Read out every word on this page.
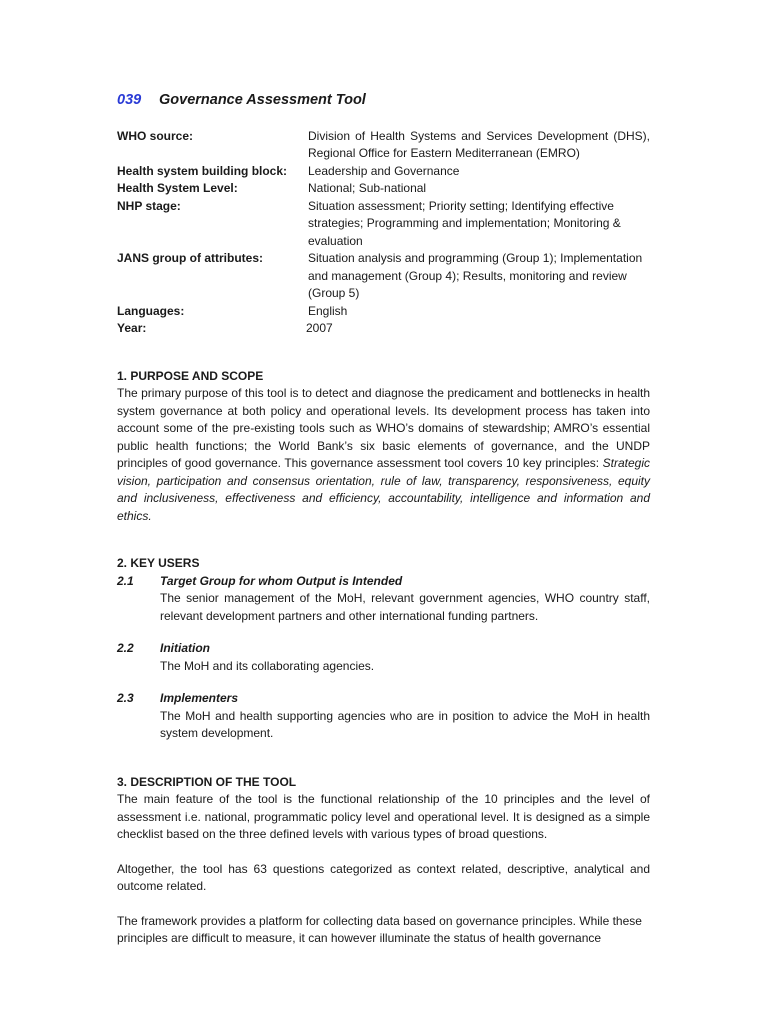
039 Governance Assessment Tool
WHO source:	Division of Health Systems and Services Development (DHS), Regional Office for Eastern Mediterranean (EMRO)
Health system building block:	Leadership and Governance
Health System Level:	National; Sub-national
NHP stage:	Situation assessment; Priority setting; Identifying effective strategies; Programming and implementation; Monitoring & evaluation
JANS group of attributes:	Situation analysis and programming (Group 1); Implementation and management (Group 4); Results, monitoring and review (Group 5)
Languages:	English
Year:	2007
1. PURPOSE AND SCOPE

The primary purpose of this tool is to detect and diagnose the predicament and bottlenecks in health system governance at both policy and operational levels. Its development process has taken into account some of the pre-existing tools such as WHO’s domains of stewardship; AMRO’s essential public health functions; the World Bank’s six basic elements of governance, and the UNDP principles of good governance. This governance assessment tool covers 10 key principles: Strategic vision, participation and consensus orientation, rule of law, transparency, responsiveness, equity and inclusiveness, effectiveness and efficiency, accountability, intelligence and information and ethics.

2. KEY USERS
2.1	Target Group for whom Output is Intended
The senior management of the MoH, relevant government agencies, WHO country staff, relevant development partners and other international funding partners.
2.2	Initiation
The MoH and its collaborating agencies.
2.3	Implementers
The MoH and health supporting agencies who are in position to advice the MoH in health system development.
3. DESCRIPTION OF THE TOOL

The main feature of the tool is the functional relationship of the 10 principles and the level of assessment i.e. national, programmatic policy level and operational level. It is designed as a simple checklist based on the three defined levels with various types of broad questions.

Altogether, the tool has 63 questions categorized as context related, descriptive, analytical and outcome related.

The framework provides a platform for collecting data based on governance principles. While these principles are difficult to measure, it can however illuminate the status of health governance
